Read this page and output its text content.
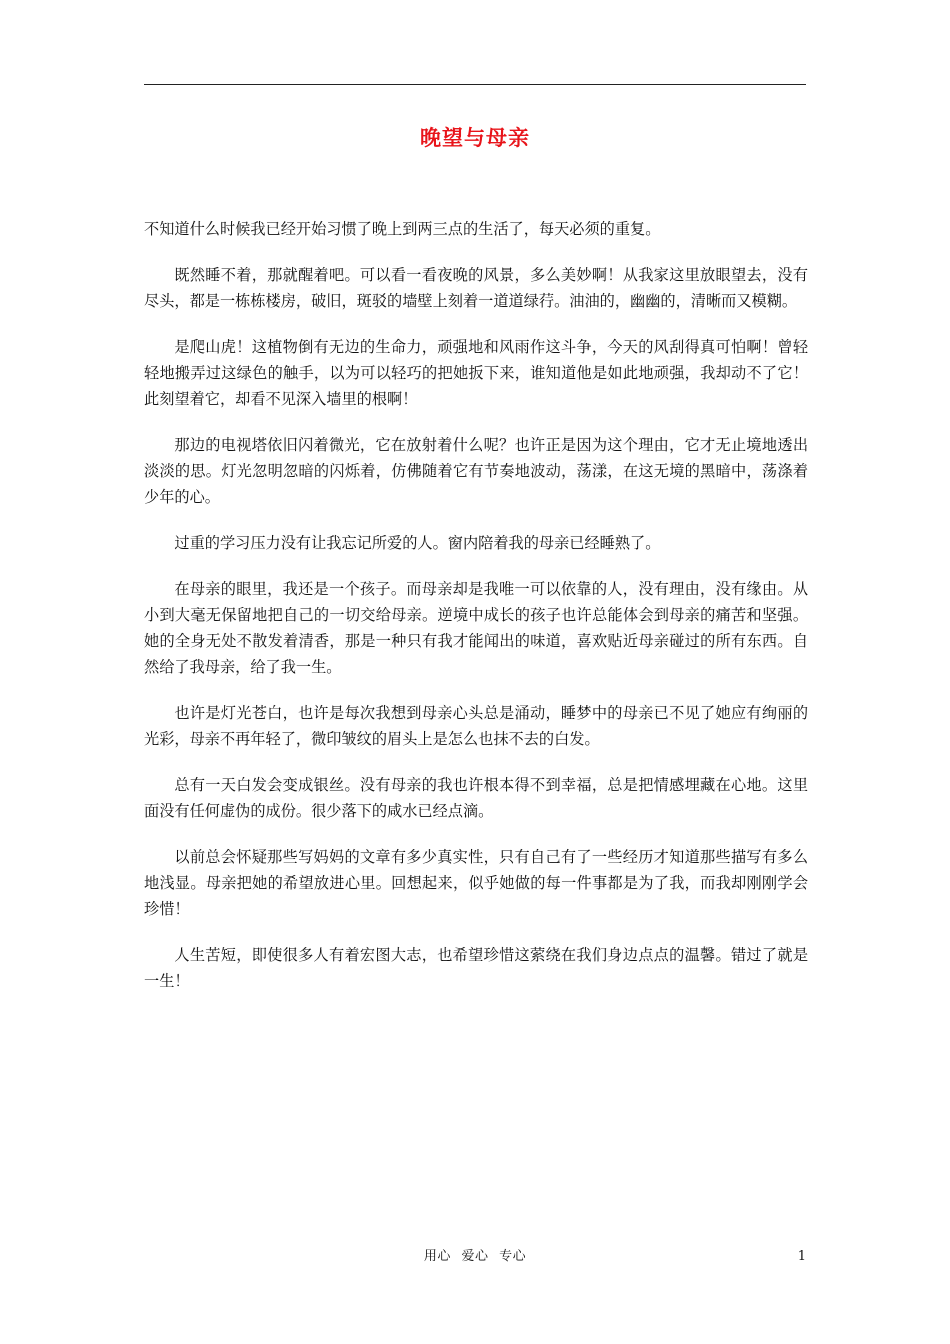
晚望与母亲

不知道什么时候我已经开始习惯了晚上到两三点的生活了，每天必须的重复。

既然睡不着，那就醒着吧。可以看一看夜晚的风景，多么美妙啊！从我家这里放眼望去，没有尽头，都是一栋栋楼房，破旧，斑驳的墙壁上刻着一道道绿荇。油油的，幽幽的，清晰而又模糊。

是爬山虎！这植物倒有无边的生命力，顽强地和风雨作这斗争，今天的风刮得真可怕啊！曾轻轻地搬弄过这绿色的触手，以为可以轻巧的把她扳下来，谁知道他是如此地顽强，我却动不了它！此刻望着它，却看不见深入墙里的根啊！

那边的电视塔依旧闪着微光，它在放射着什么呢？也许正是因为这个理由，它才无止境地透出淡淡的思。灯光忽明忽暗的闪烁着，仿佛随着它有节奏地波动，荡漾，在这无境的黑暗中，荡涤着少年的心。

过重的学习压力没有让我忘记所爱的人。窗内陪着我的母亲已经睡熟了。

在母亲的眼里，我还是一个孩子。而母亲却是我唯一可以依靠的人，没有理由，没有缘由。从小到大毫无保留地把自己的一切交给母亲。逆境中成长的孩子也许总能体会到母亲的痛苦和坚强。她的全身无处不散发着清香，那是一种只有我才能闻出的味道，喜欢贴近母亲碰过的所有东西。自然给了我母亲，给了我一生。

也许是灯光苍白，也许是每次我想到母亲心头总是涌动，睡梦中的母亲已不见了她应有绚丽的光彩，母亲不再年轻了，微印皱纹的眉头上是怎么也抹不去的白发。

总有一天白发会变成银丝。没有母亲的我也许根本得不到幸福，总是把情感埋藏在心地。这里面没有任何虚伪的成份。很少落下的咸水已经点滴。

以前总会怀疑那些写妈妈的文章有多少真实性，只有自己有了一些经历才知道那些描写有多么地浅显。母亲把她的希望放进心里。回想起来，似乎她做的每一件事都是为了我，而我却刚刚学会珍惜！

人生苦短，即使很多人有着宏图大志，也希望珍惜这萦绕在我们身边点点的温馨。错过了就是一生！

用心 爱心 专心	1
